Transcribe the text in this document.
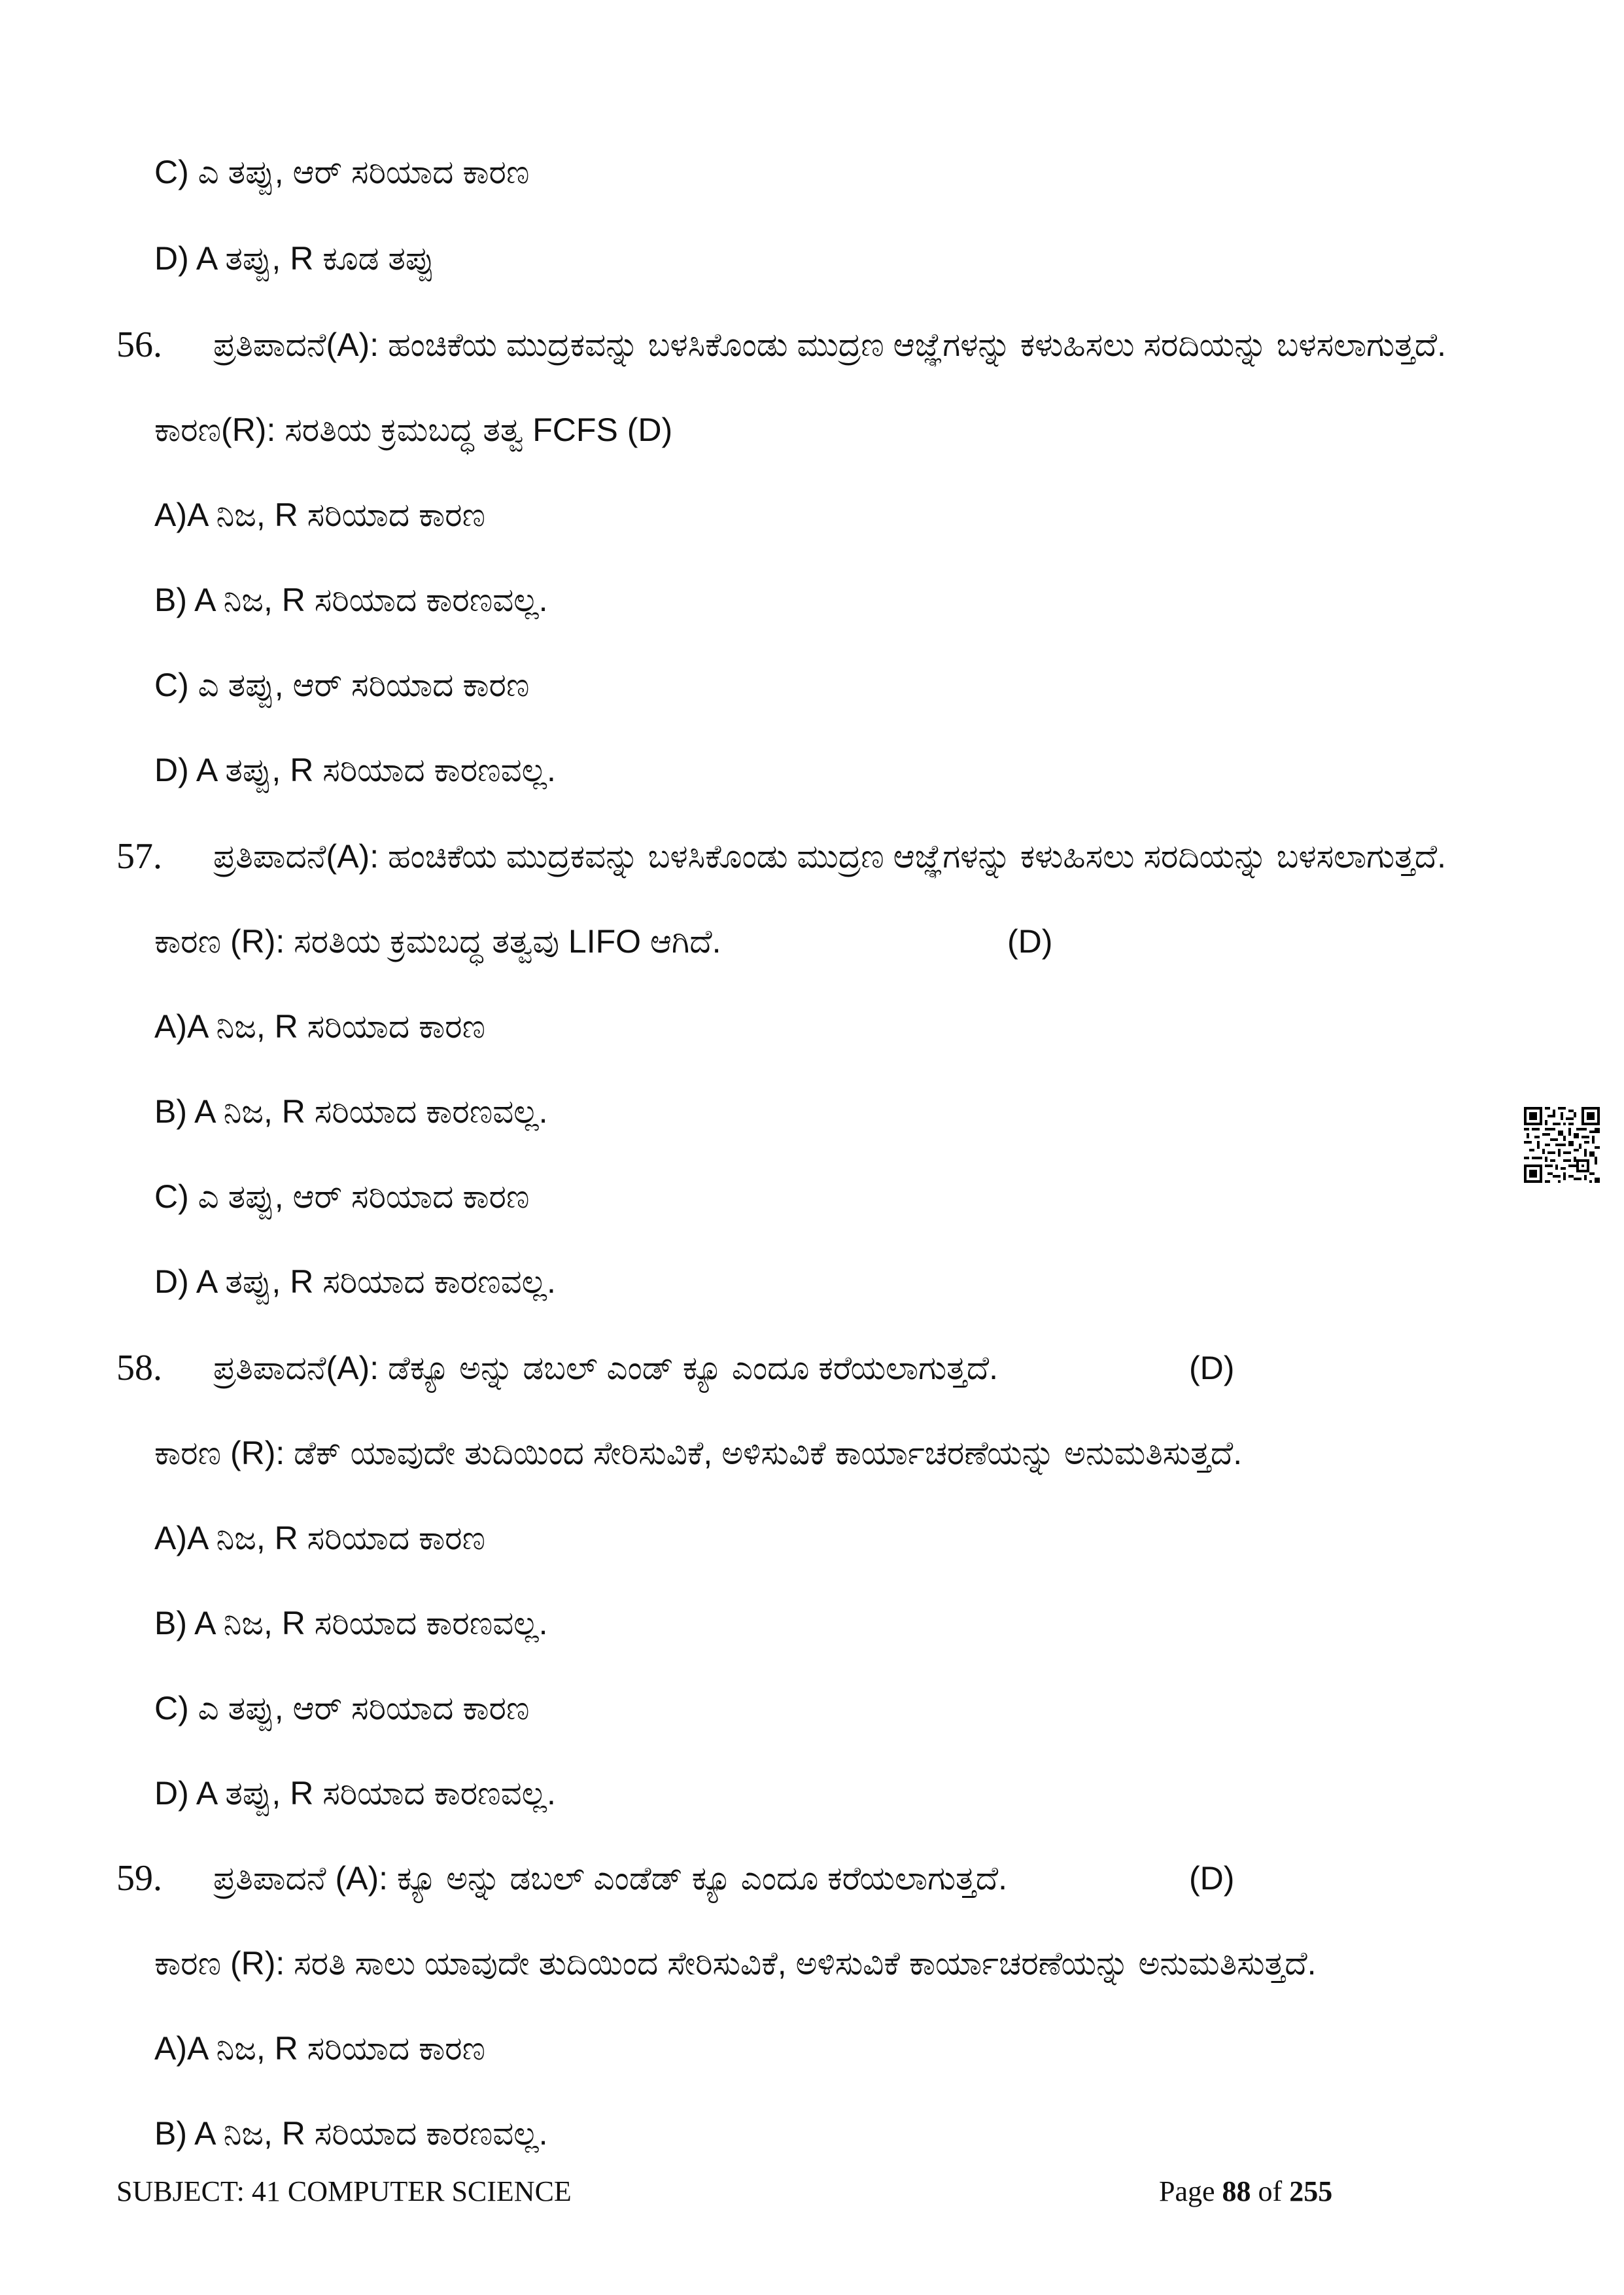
C) ಎ ತಪ್ಪು, ಆರ್ ಸರಿಯಾದ ಕಾರಣ
D) A ತಪ್ಪು, R ಕೂಡ ತಪ್ಪು
56. ಪ್ರತಿಪಾದನೆ(A): ಹಂಚಿಕೆಯ ಮುದ್ರಕವನ್ನು ಬಳಸಿಕೊಂಡು ಮುದ್ರಣ ಆಜ್ಞೆಗಳನ್ನು ಕಳುಹಿಸಲು ಸರದಿಯನ್ನು ಬಳಸಲಾಗುತ್ತದೆ.
ಕಾರಣ(R): ಸರತಿಯ ಕ್ರಮಬದ್ಧ ತತ್ವ FCFS (D)
A)A ನಿಜ, R ಸರಿಯಾದ ಕಾರಣ
B) A ನಿಜ, R ಸರಿಯಾದ ಕಾರಣವಲ್ಲ.
C) ಎ ತಪ್ಪು, ಆರ್ ಸರಿಯಾದ ಕಾರಣ
D) A ತಪ್ಪು, R ಸರಿಯಾದ ಕಾರಣವಲ್ಲ.
57. ಪ್ರತಿಪಾದನೆ(A): ಹಂಚಿಕೆಯ ಮುದ್ರಕವನ್ನು ಬಳಸಿಕೊಂಡು ಮುದ್ರಣ ಆಜ್ಞೆಗಳನ್ನು ಕಳುಹಿಸಲು ಸರದಿಯನ್ನು ಬಳಸಲಾಗುತ್ತದೆ.
ಕಾರಣ (R): ಸರತಿಯ ಕ್ರಮಬದ್ಧ ತತ್ವವು LIFO ಆಗಿದೆ.	(D)
A)A ನಿಜ, R ಸರಿಯಾದ ಕಾರಣ
B) A ನಿಜ, R ಸರಿಯಾದ ಕಾರಣವಲ್ಲ.
C) ಎ ತಪ್ಪು, ಆರ್ ಸರಿಯಾದ ಕಾರಣ
D) A ತಪ್ಪು, R ಸರಿಯಾದ ಕಾರಣವಲ್ಲ.
58. ಪ್ರತಿಪಾದನೆ(A): ಡೆಕ್ಯೂ ಅನ್ನು ಡಬಲ್ ಎಂಡ್ ಕ್ಯೂ ಎಂದೂ ಕರೆಯಲಾಗುತ್ತದೆ.	(D)
ಕಾರಣ (R): ಡೆಕ್ ಯಾವುದೇ ತುದಿಯಿಂದ ಸೇರಿಸುವಿಕೆ, ಅಳಿಸುವಿಕೆ ಕಾರ್ಯಾಚರಣೆಯನ್ನು ಅನುಮತಿಸುತ್ತದೆ.
A)A ನಿಜ, R ಸರಿಯಾದ ಕಾರಣ
B) A ನಿಜ, R ಸರಿಯಾದ ಕಾರಣವಲ್ಲ.
C) ಎ ತಪ್ಪು, ಆರ್ ಸರಿಯಾದ ಕಾರಣ
D) A ತಪ್ಪು, R ಸರಿಯಾದ ಕಾರಣವಲ್ಲ.
59. ಪ್ರತಿಪಾದನೆ (A): ಕ್ಯೂ ಅನ್ನು ಡಬಲ್ ಎಂಡೆಡ್ ಕ್ಯೂ ಎಂದೂ ಕರೆಯಲಾಗುತ್ತದೆ.	(D)
ಕಾರಣ (R): ಸರತಿ ಸಾಲು ಯಾವುದೇ ತುದಿಯಿಂದ ಸೇರಿಸುವಿಕೆ, ಅಳಿಸುವಿಕೆ ಕಾರ್ಯಾಚರಣೆಯನ್ನು ಅನುಮತಿಸುತ್ತದೆ.
A)A ನಿಜ, R ಸರಿಯಾದ ಕಾರಣ
B) A ನಿಜ, R ಸರಿಯಾದ ಕಾರಣವಲ್ಲ.
SUBJECT: 41 COMPUTER SCIENCE	Page 88 of 255
